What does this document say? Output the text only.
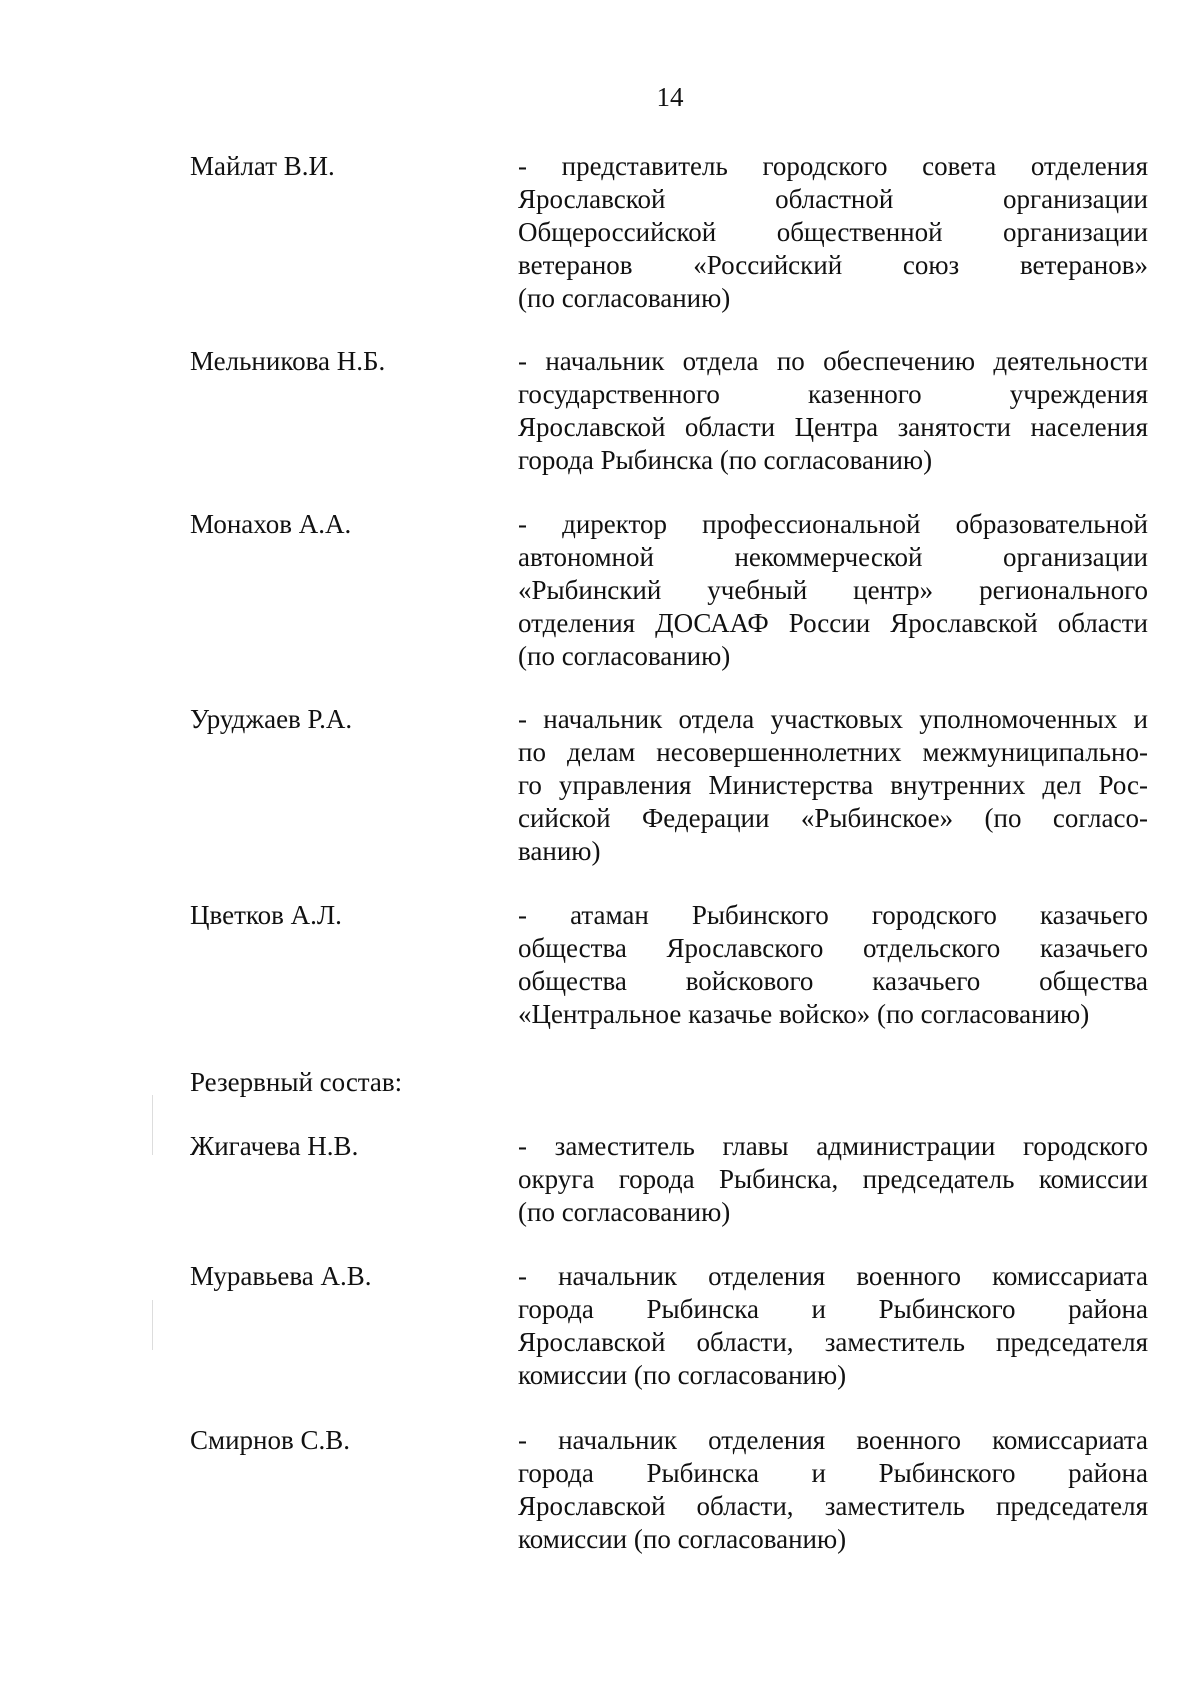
14
Майлат В.И.	- представитель городского совета отделения
Ярославской областной организации
Общероссийской общественной организации
ветеранов «Российский союз ветеранов»
(по согласованию)
Мельникова Н.Б.	- начальник отдела по обеспечению деятельности
государственного казенного учреждения
Ярославской области Центра занятости населения
города Рыбинска (по согласованию)
Монахов А.А.	- директор профессиональной образовательной
автономной некоммерческой организации
«Рыбинский учебный центр» регионального
отделения ДОСААФ России Ярославской области
(по согласованию)
Уруджаев Р.А.	- начальник отдела участковых уполномоченных и
по делам несовершеннолетних межмуниципально-
го управления Министерства внутренних дел Рос-
сийской Федерации «Рыбинское» (по согласо-
ванию)
Цветков А.Л.	- атаман Рыбинского городского казачьего
общества Ярославского отдельского казачьего
общества войскового казачьего общества
«Центральное казачье войско» (по согласованию)
Резервный состав:
Жигачева Н.В.	- заместитель главы администрации городского
округа города Рыбинска, председатель комиссии
(по согласованию)
Муравьева А.В.	- начальник отделения военного комиссариата
города Рыбинска и Рыбинского района
Ярославской области, заместитель председателя
комиссии (по согласованию)
Смирнов С.В.	- начальник отделения военного комиссариата
города Рыбинска и Рыбинского района
Ярославской области, заместитель председателя
комиссии (по согласованию)
